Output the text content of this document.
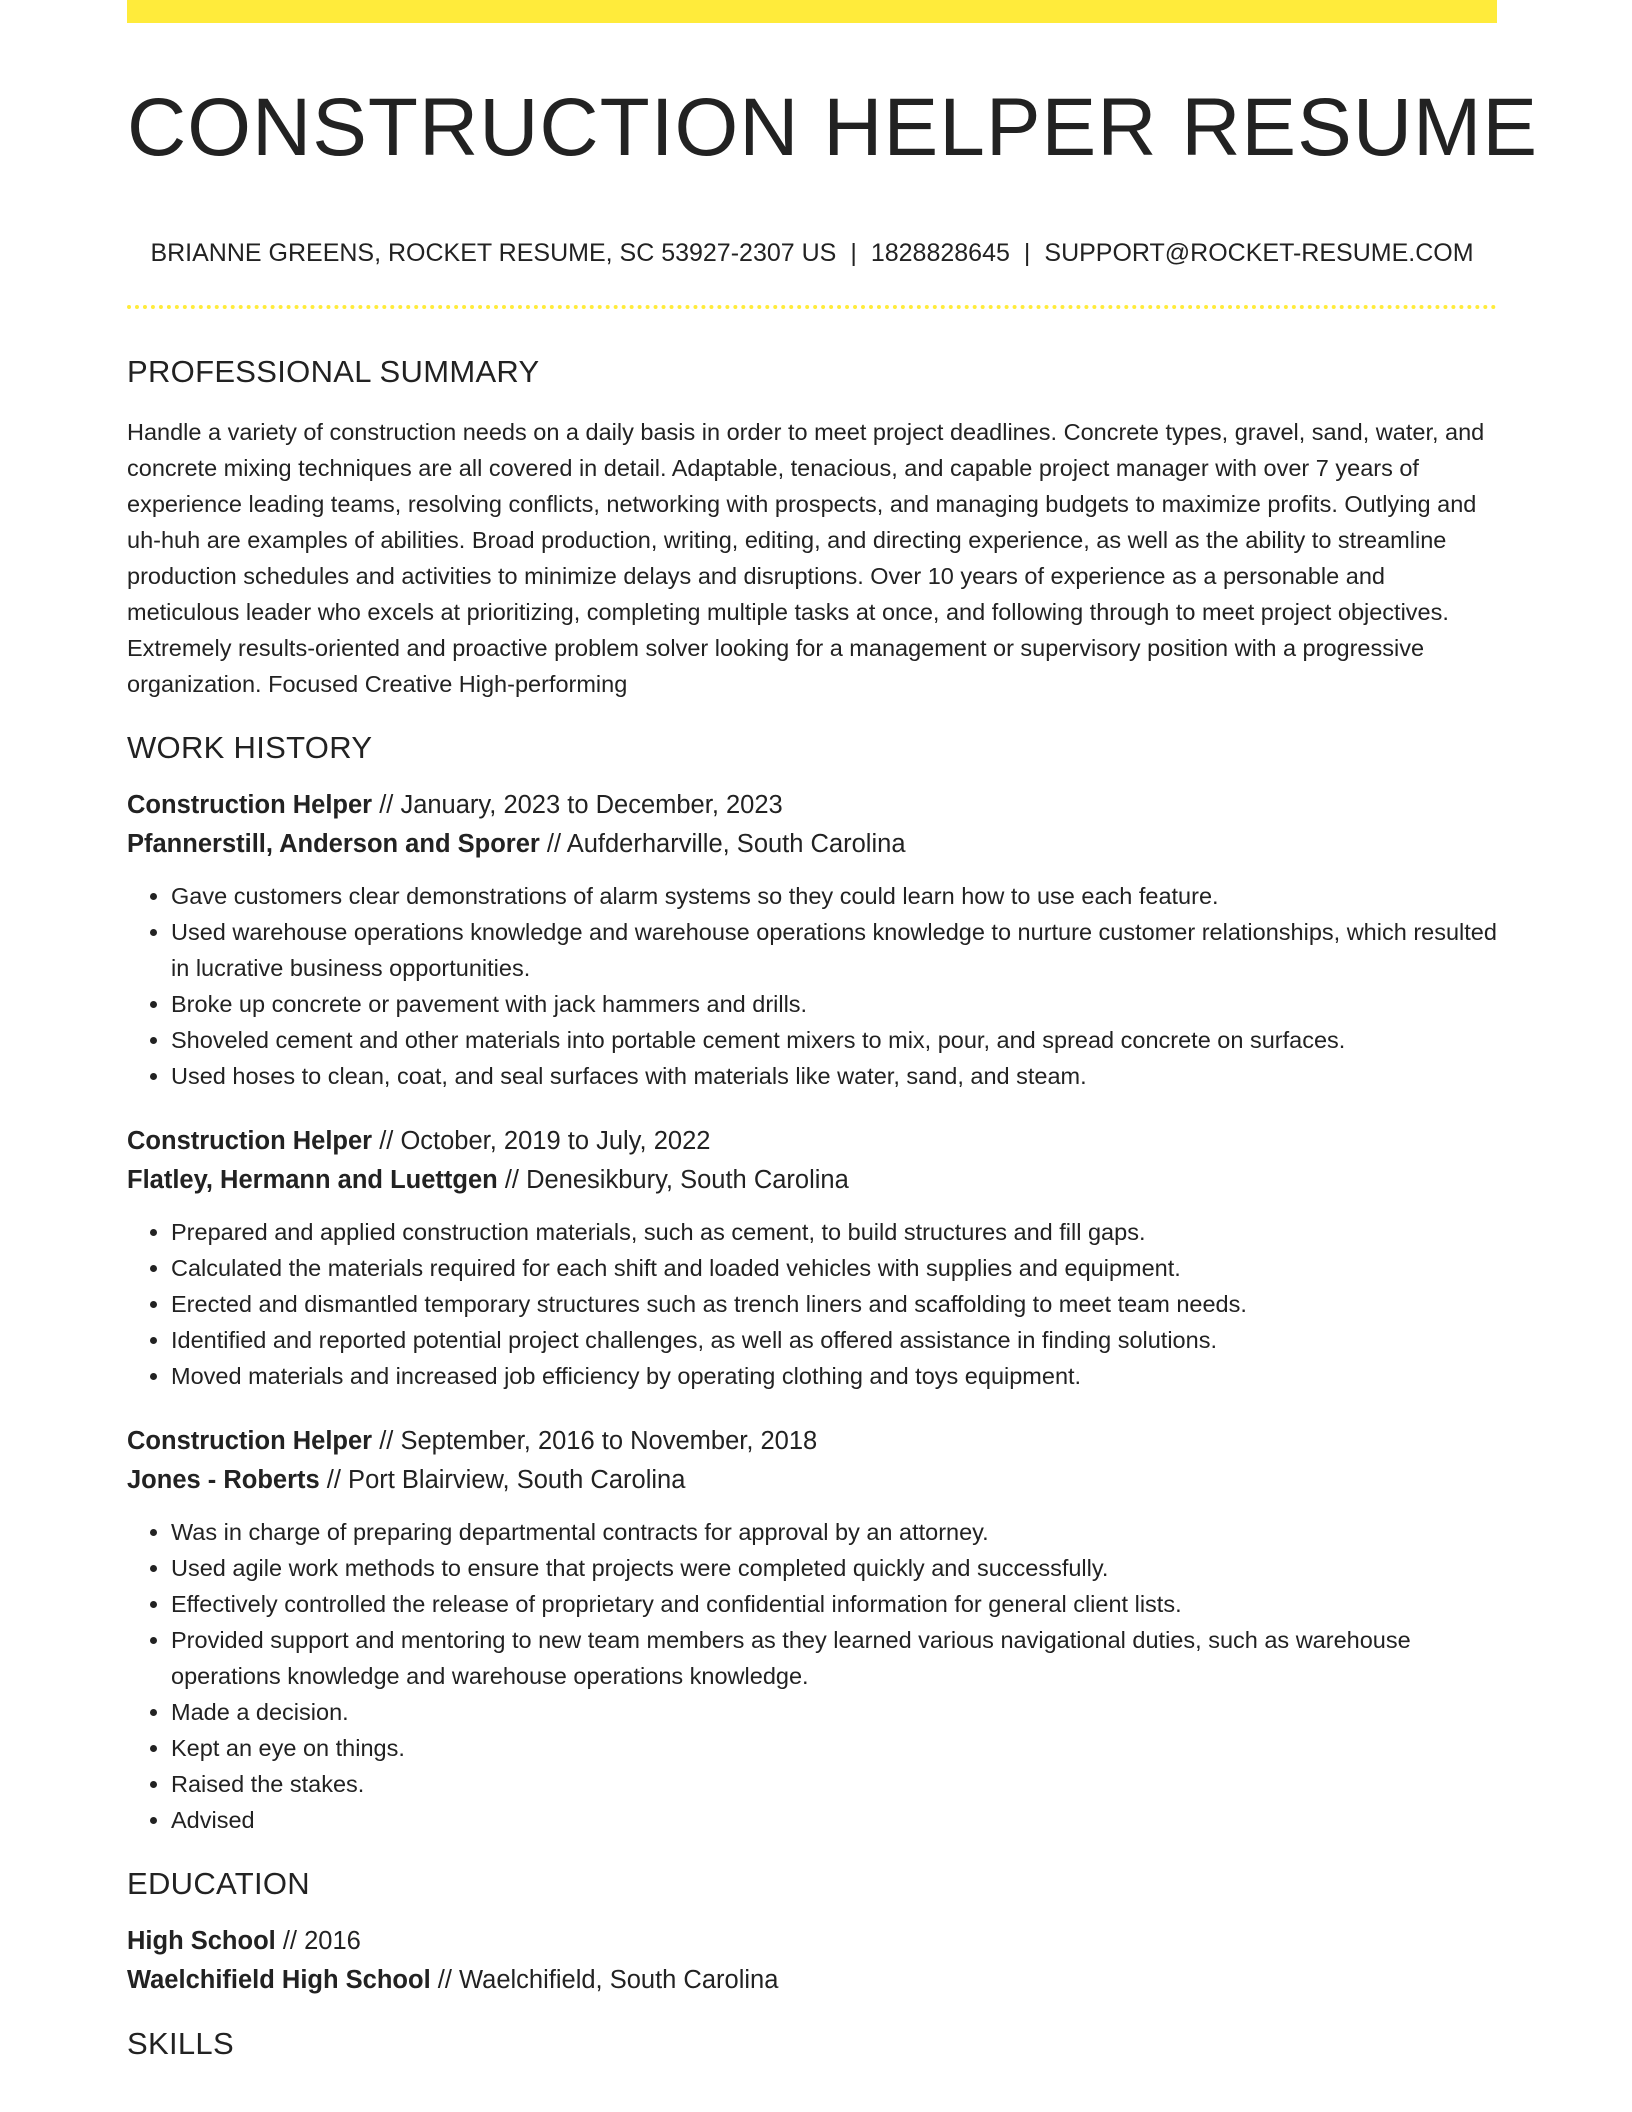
CONSTRUCTION HELPER RESUME
BRIANNE GREENS, ROCKET RESUME, SC 53927-2307 US | 1828828645 | SUPPORT@ROCKET-RESUME.COM
PROFESSIONAL SUMMARY

Handle a variety of construction needs on a daily basis in order to meet project deadlines. Concrete types, gravel, sand, water, and concrete mixing techniques are all covered in detail. Adaptable, tenacious, and capable project manager with over 7 years of experience leading teams, resolving conflicts, networking with prospects, and managing budgets to maximize profits. Outlying and uh-huh are examples of abilities. Broad production, writing, editing, and directing experience, as well as the ability to streamline production schedules and activities to minimize delays and disruptions. Over 10 years of experience as a personable and meticulous leader who excels at prioritizing, completing multiple tasks at once, and following through to meet project objectives. Extremely results-oriented and proactive problem solver looking for a management or supervisory position with a progressive organization. Focused Creative High-performing

WORK HISTORY
Construction Helper // January, 2023 to December, 2023
Pfannerstill, Anderson and Sporer // Aufderharville, South Carolina
• Gave customers clear demonstrations of alarm systems so they could learn how to use each feature.
• Used warehouse operations knowledge and warehouse operations knowledge to nurture customer relationships, which resulted in lucrative business opportunities.
• Broke up concrete or pavement with jack hammers and drills.
• Shoveled cement and other materials into portable cement mixers to mix, pour, and spread concrete on surfaces.
• Used hoses to clean, coat, and seal surfaces with materials like water, sand, and steam.
Construction Helper // October, 2019 to July, 2022
Flatley, Hermann and Luettgen // Denesikbury, South Carolina
• Prepared and applied construction materials, such as cement, to build structures and fill gaps.
• Calculated the materials required for each shift and loaded vehicles with supplies and equipment.
• Erected and dismantled temporary structures such as trench liners and scaffolding to meet team needs.
• Identified and reported potential project challenges, as well as offered assistance in finding solutions.
• Moved materials and increased job efficiency by operating clothing and toys equipment.
Construction Helper // September, 2016 to November, 2018
Jones - Roberts // Port Blairview, South Carolina
• Was in charge of preparing departmental contracts for approval by an attorney.
• Used agile work methods to ensure that projects were completed quickly and successfully.
• Effectively controlled the release of proprietary and confidential information for general client lists.
• Provided support and mentoring to new team members as they learned various navigational duties, such as warehouse operations knowledge and warehouse operations knowledge.
• Made a decision.
• Kept an eye on things.
• Raised the stakes.
• Advised
EDUCATION
High School // 2016
Waelchifield High School // Waelchifield, South Carolina
SKILLS
